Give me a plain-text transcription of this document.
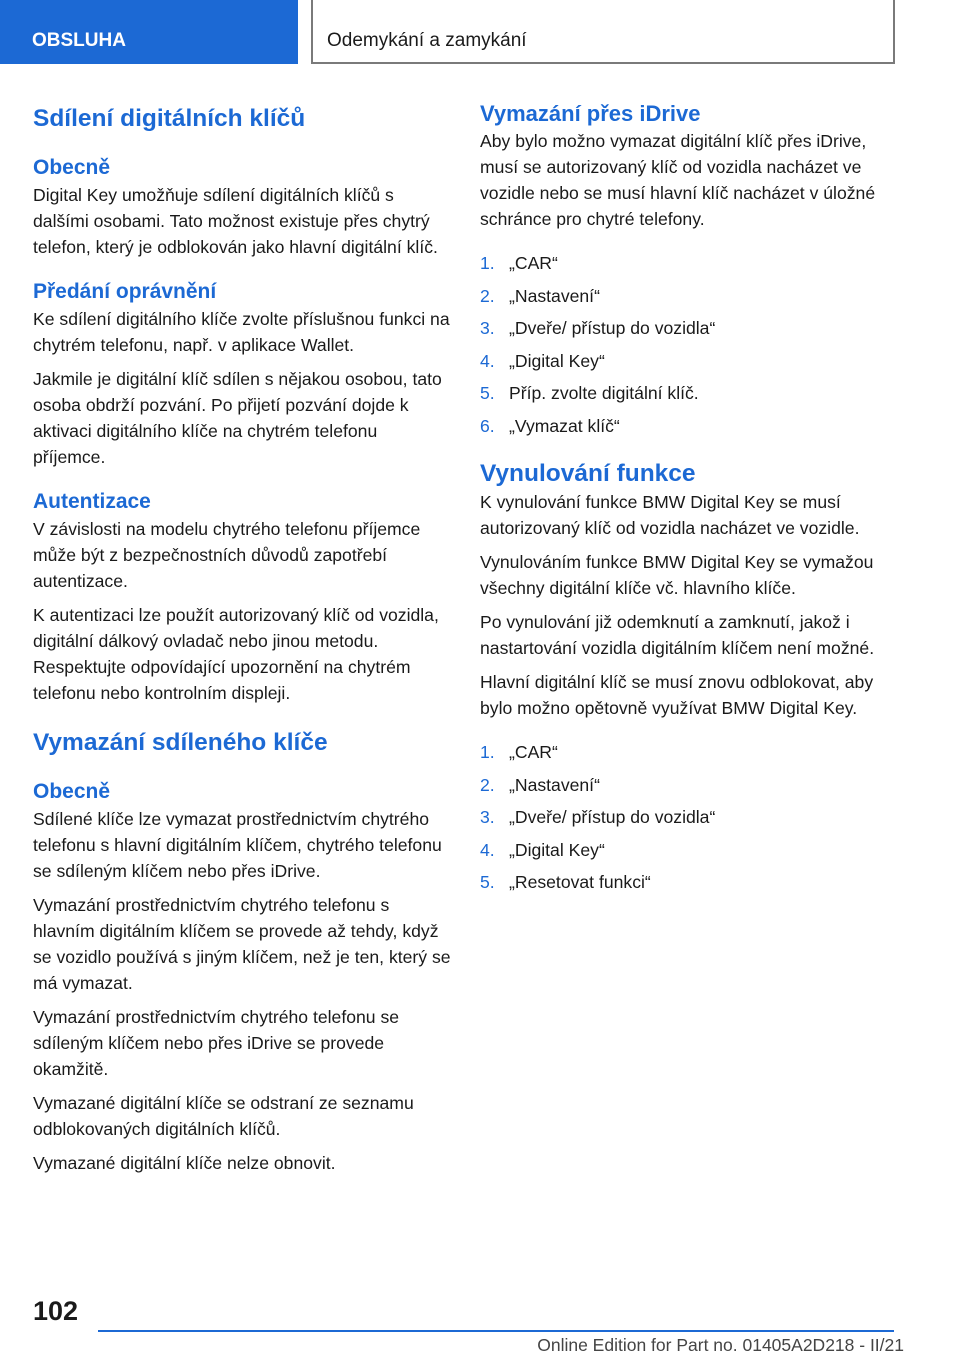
OBSLUHA	Odemykání a zamykání
Sdílení digitálních klíčů
Obecně

Digital Key umožňuje sdílení digitálních klíčů s dalšími osobami. Tato možnost existuje přes chytrý telefon, který je odblokován jako hlavní digitální klíč.

Předání oprávnění

Ke sdílení digitálního klíče zvolte příslušnou funkci na chytrém telefonu, např. v aplikace Wallet.

Jakmile je digitální klíč sdílen s nějakou osobou, tato osoba obdrží pozvání. Po přijetí pozvání dojde k aktivaci digitálního klíče na chytrém telefonu příjemce.

Autentizace

V závislosti na modelu chytrého telefonu příjemce může být z bezpečnostních důvodů zapotřebí autentizace.

K autentizaci lze použít autorizovaný klíč od vozidla, digitální dálkový ovladač nebo jinou metodu. Respektujte odpovídající upozornění na chytrém telefonu nebo kontrolním displeji.

Vymazání sdíleného klíče
Obecně

Sdílené klíče lze vymazat prostřednictvím chytrého telefonu s hlavní digitálním klíčem, chytrého telefonu se sdíleným klíčem nebo přes iDrive.

Vymazání prostřednictvím chytrého telefonu s hlavním digitálním klíčem se provede až tehdy, když se vozidlo používá s jiným klíčem, než je ten, který se má vymazat.

Vymazání prostřednictvím chytrého telefonu se sdíleným klíčem nebo přes iDrive se provede okamžitě.

Vymazané digitální klíče se odstraní ze seznamu odblokovaných digitálních klíčů.

Vymazané digitální klíče nelze obnovit.

Vymazání přes iDrive

Aby bylo možno vymazat digitální klíč přes iDrive, musí se autorizovaný klíč od vozidla nacházet ve vozidle nebo se musí hlavní klíč nacházet v úložné schránce pro chytré telefony.

1. „CAR“
2. „Nastavení“
3. „Dveře/ přístup do vozidla“
4. „Digital Key“
5. Příp. zvolte digitální klíč.
6. „Vymazat klíč“
Vynulování funkce

K vynulování funkce BMW Digital Key se musí autorizovaný klíč od vozidla nacházet ve vozidle.

Vynulováním funkce BMW Digital Key se vymažou všechny digitální klíče vč. hlavního klíče.

Po vynulování již odemknutí a zamknutí, jakož i nastartování vozidla digitálním klíčem není možné.

Hlavní digitální klíč se musí znovu odblokovat, aby bylo možno opětovně využívat BMW Digital Key.

1. „CAR“
2. „Nastavení“
3. „Dveře/ přístup do vozidla“
4. „Digital Key“
5. „Resetovat funkci“
102
Online Edition for Part no. 01405A2D218 - II/21
